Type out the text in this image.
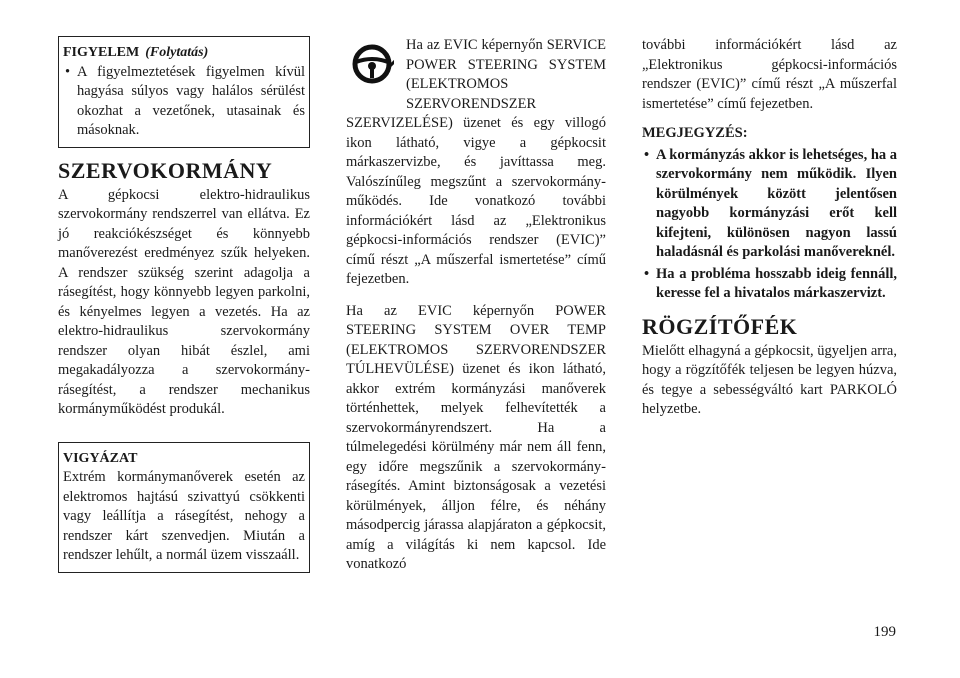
FIGYELEM (Folytatás)
• A figyelmeztetések figyelmen kívül hagyása súlyos vagy halálos sérülést okozhat a vezetőnek, utasainak és másoknak.
SZERVOKORMÁNY

A gépkocsi elektro-hidraulikus szervokormány rendszerrel van ellátva. Ez jó reakciókészséget és könnyebb manőverezést eredményez szűk helyeken. A rendszer szükség szerint adagolja a rásegítést, hogy könnyebb legyen parkolni, és kényelmes legyen a vezetés. Ha az elektro-hidraulikus szervokormány rendszer olyan hibát észlel, ami megakadályozza a szervokormány-rásegítést, a rendszer mechanikus kormányműködést produkál.

VIGYÁZAT

Extrém kormánymanőverek esetén az elektromos hajtású szivattyú csökkenti vagy leállítja a rásegítést, nehogy a rendszer kárt szenvedjen. Miután a rendszer lehűlt, a normál üzem visszaáll.

Ha az EVIC képernyőn SERVICE POWER STEERING SYSTEM (ELEKTROMOS SZERVORENDSZER SZERVIZELÉSE) üzenet és egy villogó ikon látható, vigye a gépkocsit márkaszervizbe, és javíttassa meg. Valószínűleg megszűnt a szervokormány-működés. Ide vonatkozó további információkért lásd az „Elektronikus gépkocsi-információs rendszer (EVIC)” című részt „A műszerfal ismertetése” című fejezetben.

Ha az EVIC képernyőn POWER STEERING SYSTEM OVER TEMP (ELEKTROMOS SZERVORENDSZER TÚLHEVÜLÉSE) üzenet és ikon látható, akkor extrém kormányzási manőverek történhettek, melyek felhevítették a szervokormányrendszert. Ha a túlmelegedési körülmény már nem áll fenn, egy időre megszűnik a szervokormány-rásegítés. Amint biztonságosak a vezetési körülmények, álljon félre, és néhány másodpercig járassa alapjáraton a gépkocsit, amíg a világítás ki nem kapcsol. Ide vonatkozó

további információkért lásd az „Elektronikus gépkocsi-információs rendszer (EVIC)” című részt „A műszerfal ismertetése” című fejezetben.

MEGJEGYZÉS:
• A kormányzás akkor is lehetséges, ha a szervokormány nem működik. Ilyen körülmények között jelentősen nagyobb kormányzási erőt kell kifejteni, különösen nagyon lassú haladásnál és parkolási manővereknél.
• Ha a probléma hosszabb ideig fennáll, keresse fel a hivatalos márkaszervizt.
RÖGZÍTŐFÉK

Mielőtt elhagyná a gépkocsit, ügyeljen arra, hogy a rögzítőfék teljesen be legyen húzva, és tegye a sebességváltó kart PARKOLÓ helyzetbe.

199
